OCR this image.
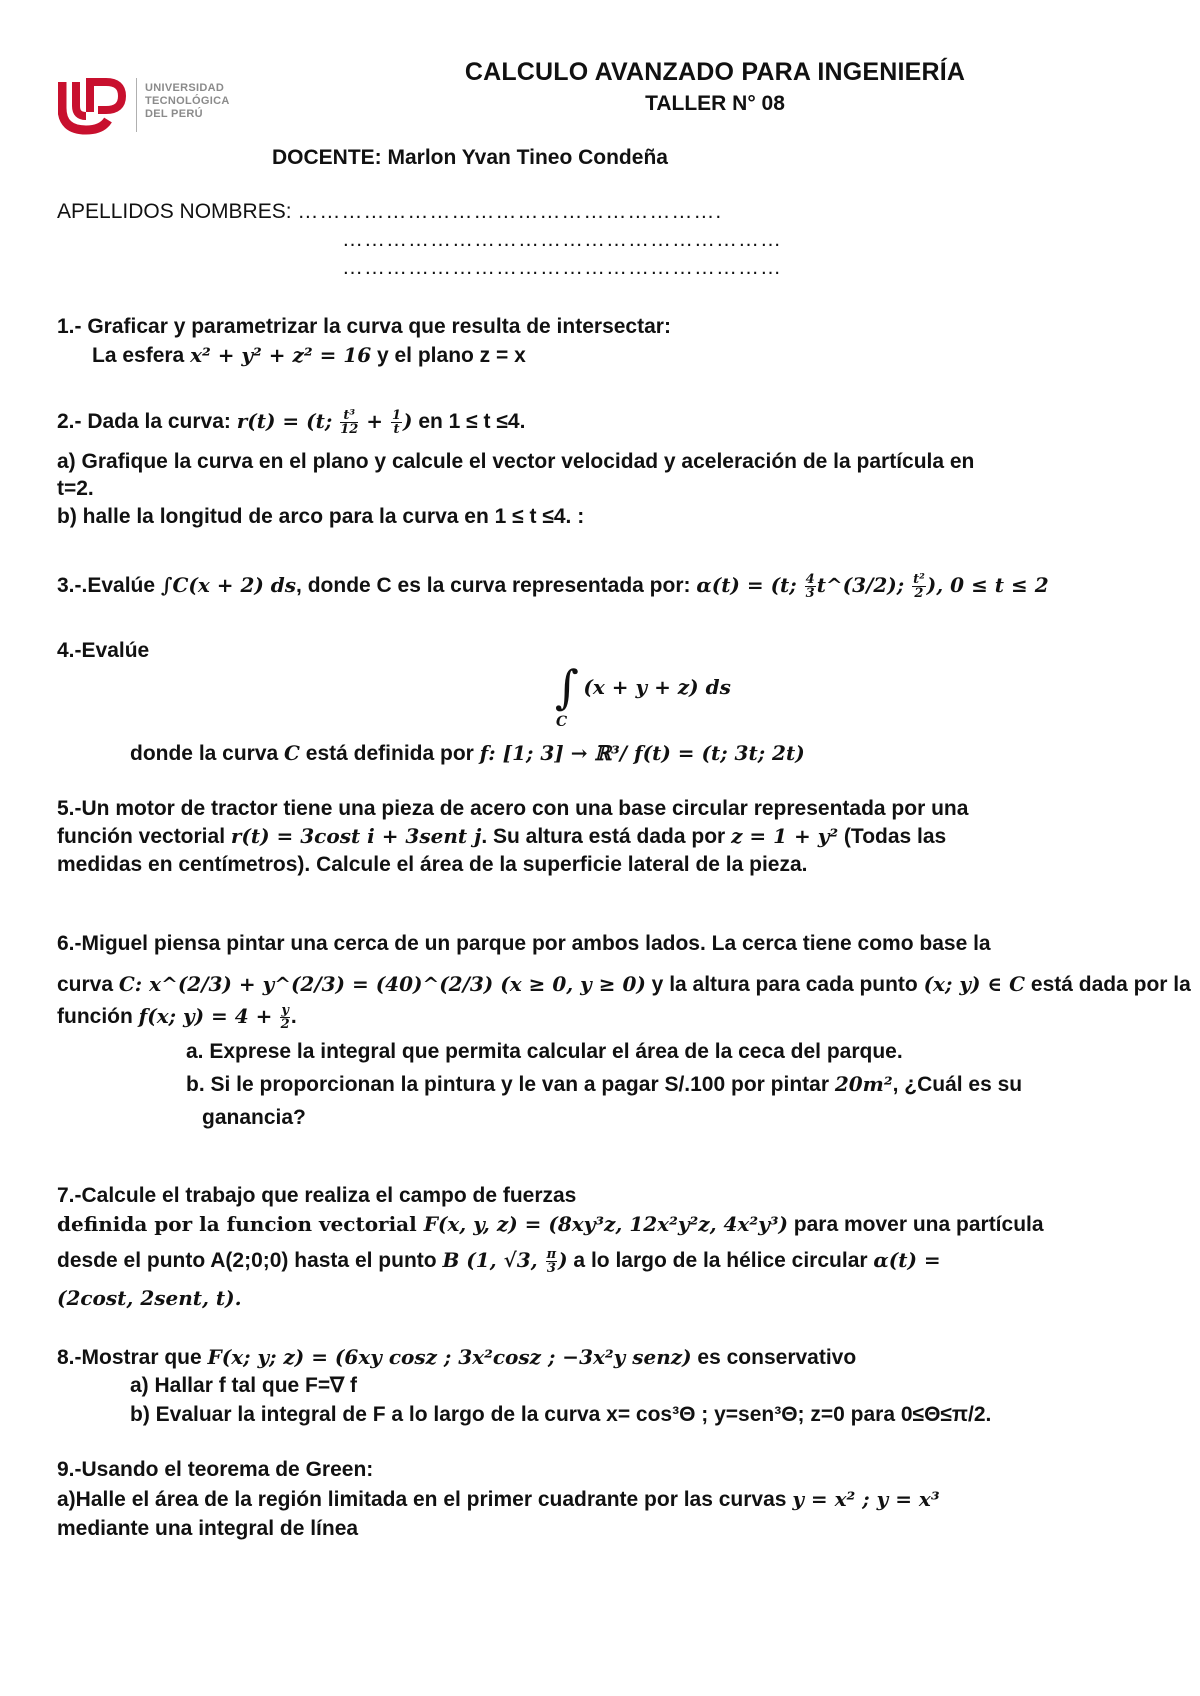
UNIVERSIDAD
TECNOLÓGICA
DEL PERÚ
CALCULO AVANZADO PARA INGENIERÍA
TALLER N° 08
DOCENTE: Marlon Yvan Tineo Condeña
APELLIDOS NOMBRES: ………………………………………………….
……………………………………………………
……………………………………………………
1.- Graficar y parametrizar la curva que resulta de intersectar:
La esfera x² + y² + z² = 16 y el plano z = x
2.- Dada la curva: r(t) = (t; $\frac{\text{t³}}{12} + \frac{1}{t}$ ) en 1 ≤ t ≤4.
a) Grafique la curva en el plano y calcule el vector velocidad y aceleración de la partícula en
t=2.
b) halle la longitud de arco para la curva en 1 ≤ t ≤4. :
3.-.Evalúe ∫C(x + 2) ds, donde C es la curva representada por: α(t) = (t; $\frac{4}{3}$ t^(3/2); $\frac{\text{t²}}{2}$ ), 0 ≤ t ≤ 2
4.-Evalúe
∫ (x + y + z) ds
C
donde la curva C está definida por f: [1; 3] → ℝ³/ f(t) = (t; 3t; 2t)
5.-Un motor de tractor tiene una pieza de acero con una base circular representada por una
función vectorial r(t) = 3cost i + 3sent j. Su altura está dada por z = 1 + y² (Todas las
medidas en centímetros). Calcule el área de la superficie lateral de la pieza.
6.-Miguel piensa pintar una cerca de un parque por ambos lados. La cerca tiene como base la
curva C: x^(2/3) + y^(2/3) = (40)^(2/3) (x ≥ 0, y ≥ 0) y la altura para cada punto (x; y) ∈ C está dada por la
función f(x; $y) = 4 + \frac{y}{2}$ .
a. Exprese la integral que permita calcular el área de la ceca del parque.
b. Si le proporcionan la pintura y le van a pagar S/.100 por pintar 20m², ¿Cuál es su
ganancia?
7.-Calcule el trabajo que realiza el campo de fuerzas
definida por la funcion vectorial F(x, y, z) = (8xy³z, 12x²y²z, 4x²y³) para mover una partícula
desde el punto A(2;0;0) hasta el punto B (1, √3, $\frac{\pi}{3}$ ) a lo largo de la hélice circular α(t) =
(2cost, 2sent, t).
8.-Mostrar que F(x; y; z) = (6xy cosz ; 3x²cosz ; −3x²y senz) es conservativo
a) Hallar f tal que F=∇ f
b) Evaluar la integral de F a lo largo de la curva x= cos³Θ ; y=sen³Θ; z=0 para 0≤Θ≤π/2.
9.-Usando el teorema de Green:
a)Halle el área de la región limitada en el primer cuadrante por las curvas y = x² ; y = x³
mediante una integral de línea
